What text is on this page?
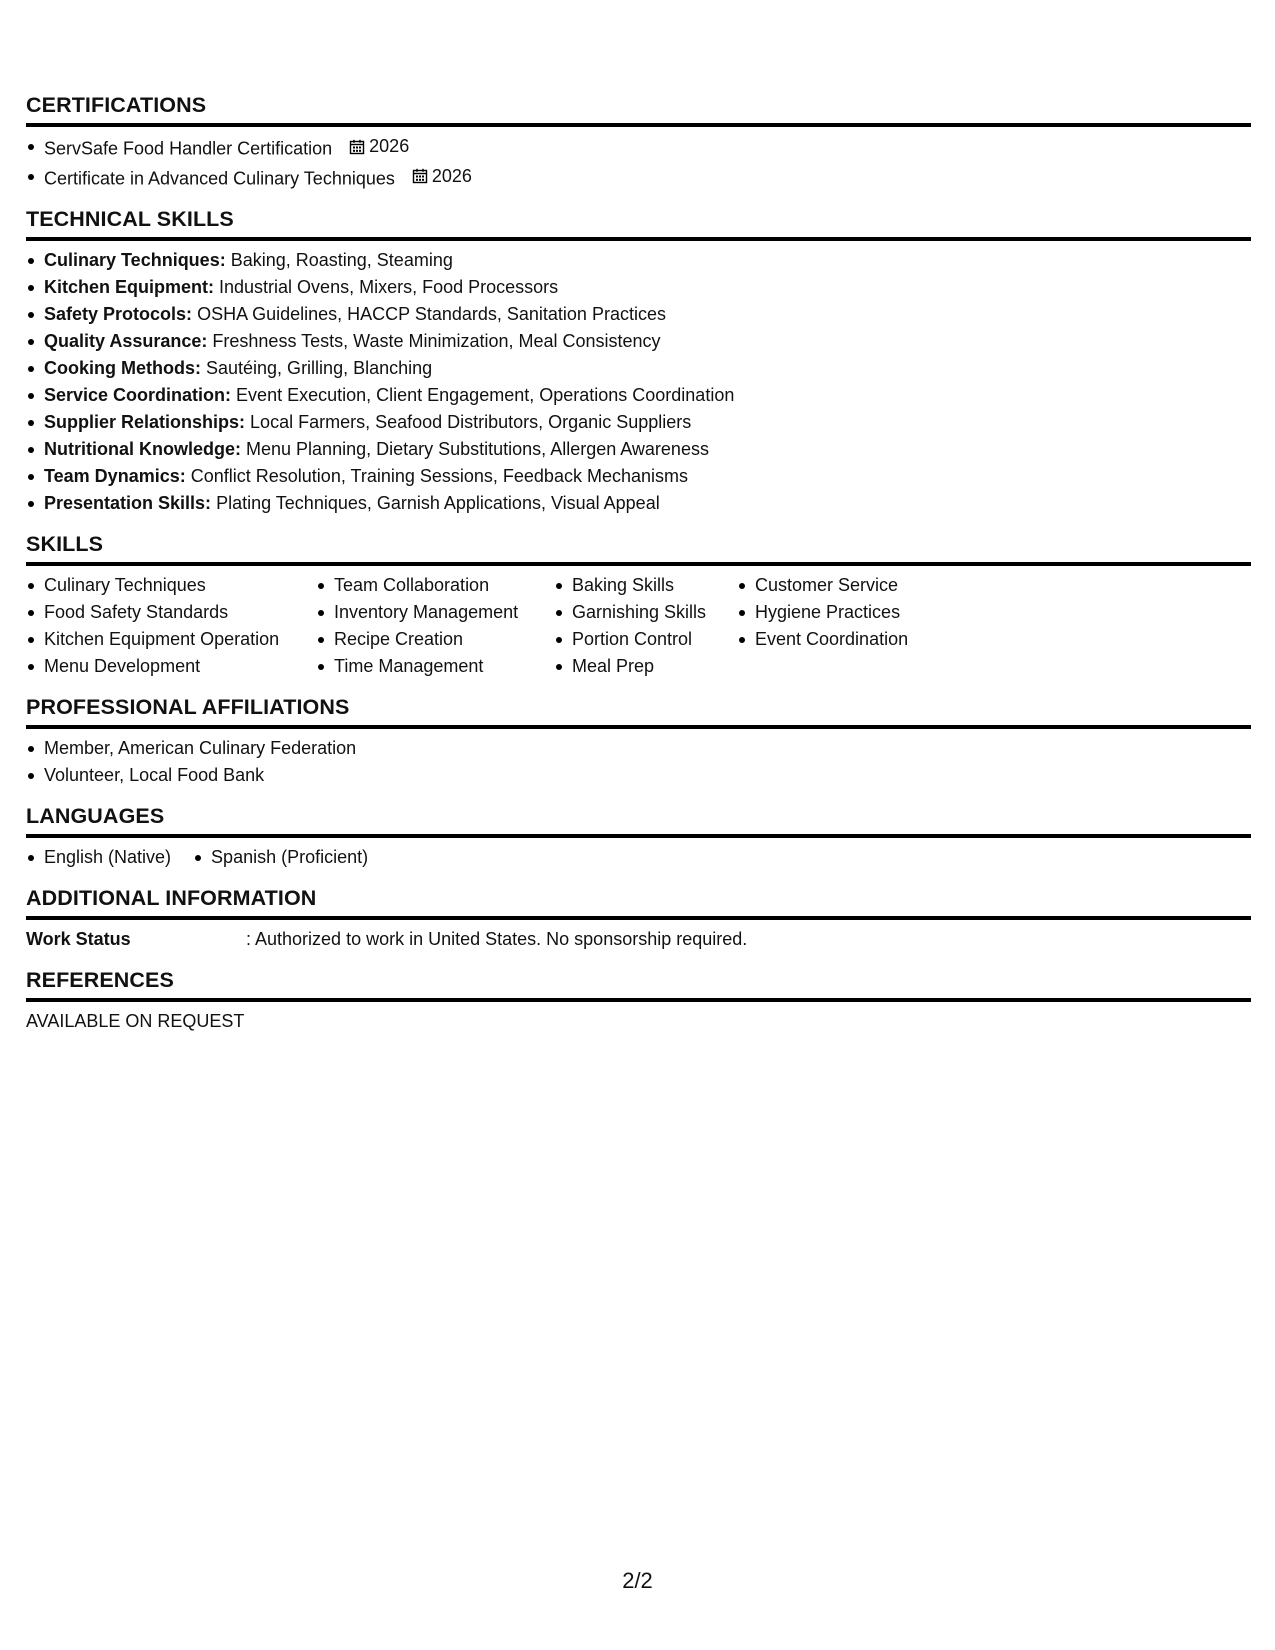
CERTIFICATIONS
ServSafe Food Handler Certification 2026
Certificate in Advanced Culinary Techniques 2026
TECHNICAL SKILLS
Culinary Techniques: Baking, Roasting, Steaming
Kitchen Equipment: Industrial Ovens, Mixers, Food Processors
Safety Protocols: OSHA Guidelines, HACCP Standards, Sanitation Practices
Quality Assurance: Freshness Tests, Waste Minimization, Meal Consistency
Cooking Methods: Sautéing, Grilling, Blanching
Service Coordination: Event Execution, Client Engagement, Operations Coordination
Supplier Relationships: Local Farmers, Seafood Distributors, Organic Suppliers
Nutritional Knowledge: Menu Planning, Dietary Substitutions, Allergen Awareness
Team Dynamics: Conflict Resolution, Training Sessions, Feedback Mechanisms
Presentation Skills: Plating Techniques, Garnish Applications, Visual Appeal
SKILLS
Culinary Techniques
Food Safety Standards
Kitchen Equipment Operation
Menu Development
Team Collaboration
Inventory Management
Recipe Creation
Time Management
Baking Skills
Garnishing Skills
Portion Control
Meal Prep
Customer Service
Hygiene Practices
Event Coordination
PROFESSIONAL AFFILIATIONS
Member, American Culinary Federation
Volunteer, Local Food Bank
LANGUAGES
English (Native)	Spanish (Proficient)
ADDITIONAL INFORMATION
Work Status	: Authorized to work in United States. No sponsorship required.
REFERENCES
AVAILABLE ON REQUEST
2/2
